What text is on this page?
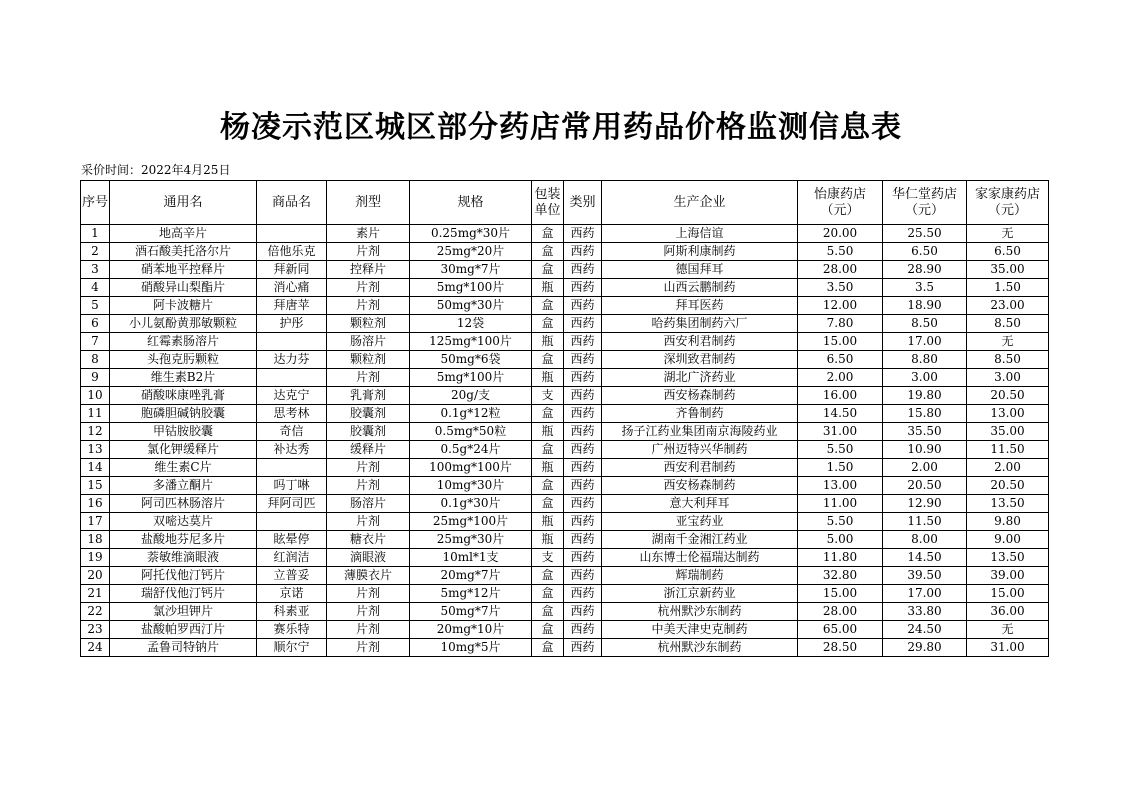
杨凌示范区城区部分药店常用药品价格监测信息表
采价时间：2022年4月25日
序号	通用名	商品名	剂型	规格	包装单位	类别	生产企业	怡康药店（元）	华仁堂药店（元）	家家康药店（元）
1	地高辛片		素片	0.25mg*30片	盒	西药	上海信谊	20.00	25.50	无
2	酒石酸美托洛尔片	倍他乐克	片剂	25mg*20片	盒	西药	阿斯利康制药	5.50	6.50	6.50
3	硝苯地平控释片	拜新同	控释片	30mg*7片	盒	西药	德国拜耳	28.00	28.90	35.00
4	硝酸异山梨酯片	消心痛	片剂	5mg*100片	瓶	西药	山西云鹏制药	3.50	3.5	1.50
5	阿卡波糖片	拜唐苹	片剂	50mg*30片	盒	西药	拜耳医药	12.00	18.90	23.00
6	小儿氨酚黄那敏颗粒	护彤	颗粒剂	12袋	盒	西药	哈药集团制药六厂	7.80	8.50	8.50
7	红霉素肠溶片		肠溶片	125mg*100片	瓶	西药	西安利君制药	15.00	17.00	无
8	头孢克肟颗粒	达力芬	颗粒剂	50mg*6袋	盒	西药	深圳致君制药	6.50	8.80	8.50
9	维生素B2片		片剂	5mg*100片	瓶	西药	湖北广济药业	2.00	3.00	3.00
10	硝酸咪康唑乳膏	达克宁	乳膏剂	20g/支	支	西药	西安杨森制药	16.00	19.80	20.50
11	胞磷胆碱钠胶囊	思考林	胶囊剂	0.1g*12粒	盒	西药	齐鲁制药	14.50	15.80	13.00
12	甲钴胺胶囊	奇信	胶囊剂	0.5mg*50粒	瓶	西药	扬子江药业集团南京海陵药业	31.00	35.50	35.00
13	氯化钾缓释片	补达秀	缓释片	0.5g*24片	盒	西药	广州迈特兴华制药	5.50	10.90	11.50
14	维生素C片		片剂	100mg*100片	瓶	西药	西安利君制药	1.50	2.00	2.00
15	多潘立酮片	吗丁啉	片剂	10mg*30片	盒	西药	西安杨森制药	13.00	20.50	20.50
16	阿司匹林肠溶片	拜阿司匹	肠溶片	0.1g*30片	盒	西药	意大利拜耳	11.00	12.90	13.50
17	双嘧达莫片		片剂	25mg*100片	瓶	西药	亚宝药业	5.50	11.50	9.80
18	盐酸地芬尼多片	眩晕停	糖衣片	25mg*30片	瓶	西药	湖南千金湘江药业	5.00	8.00	9.00
19	萘敏维滴眼液	红润洁	滴眼液	10ml*1支	支	西药	山东博士伦福瑞达制药	11.80	14.50	13.50
20	阿托伐他汀钙片	立普妥	薄膜衣片	20mg*7片	盒	西药	辉瑞制药	32.80	39.50	39.00
21	瑞舒伐他汀钙片	京诺	片剂	5mg*12片	盒	西药	浙江京新药业	15.00	17.00	15.00
22	氯沙坦钾片	科素亚	片剂	50mg*7片	盒	西药	杭州默沙东制药	28.00	33.80	36.00
23	盐酸帕罗西汀片	赛乐特	片剂	20mg*10片	盒	西药	中美天津史克制药	65.00	24.50	无
24	孟鲁司特钠片	顺尔宁	片剂	10mg*5片	盒	西药	杭州默沙东制药	28.50	29.80	31.00
